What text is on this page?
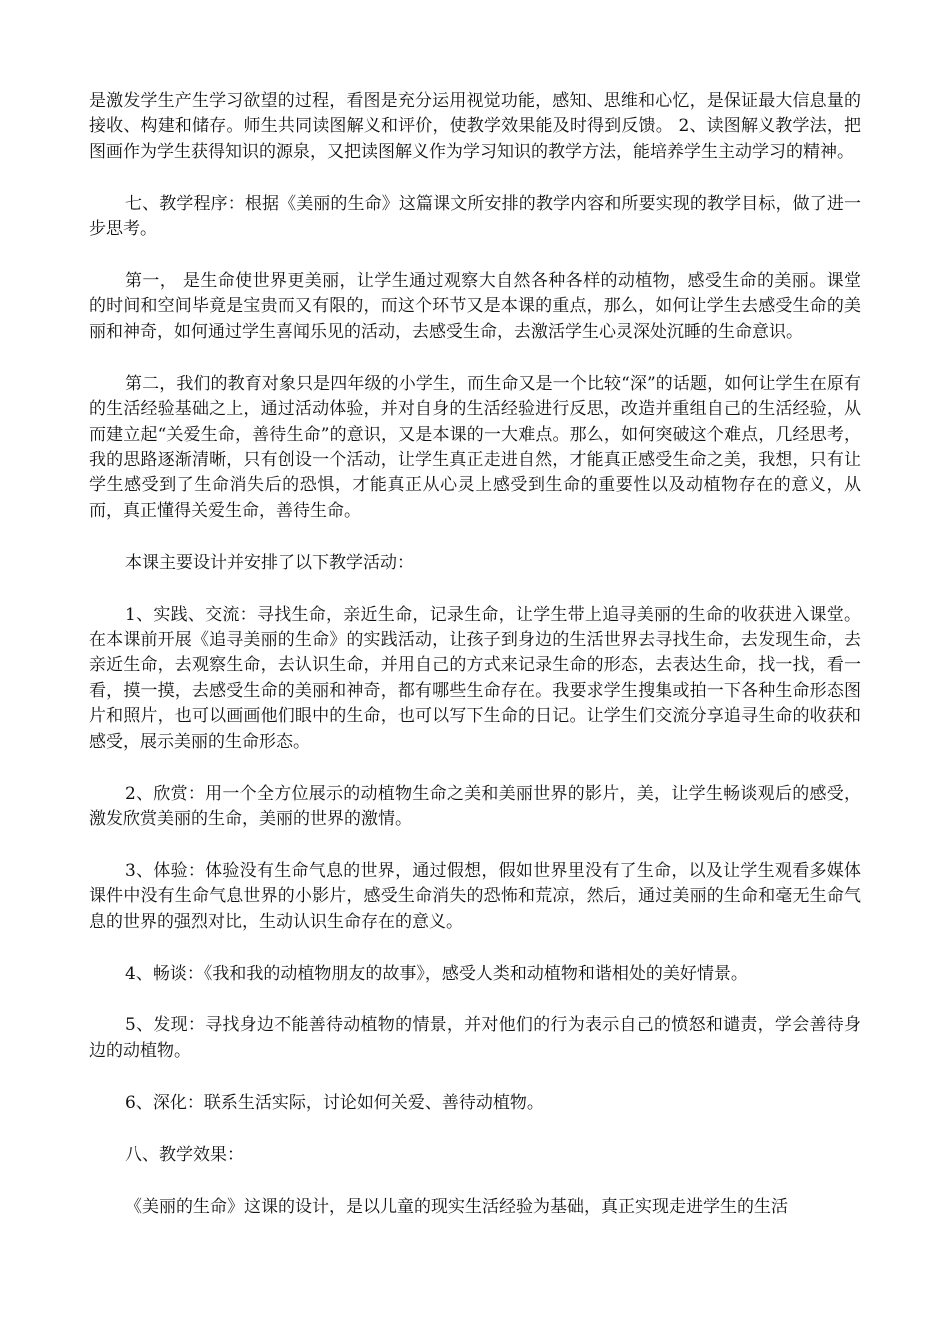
是激发学生产生学习欲望的过程，看图是充分运用视觉功能，感知、思维和心忆，是保证最大信息量的接收、构建和储存。师生共同读图解义和评价，使教学效果能及时得到反馈。 2、读图解义教学法，把图画作为学生获得知识的源泉，又把读图解义作为学习知识的教学方法，能培养学生主动学习的精神。

七、教学程序：根据《美丽的生命》这篇课文所安排的教学内容和所要实现的教学目标，做了进一步思考。

第一， 是生命使世界更美丽，让学生通过观察大自然各种各样的动植物，感受生命的美丽。课堂的时间和空间毕竟是宝贵而又有限的，而这个环节又是本课的重点，那么，如何让学生去感受生命的美丽和神奇，如何通过学生喜闻乐见的活动，去感受生命，去激活学生心灵深处沉睡的生命意识。

第二，我们的教育对象只是四年级的小学生，而生命又是一个比较“深”的话题，如何让学生在原有的生活经验基础之上，通过活动体验，并对自身的生活经验进行反思，改造并重组自己的生活经验，从而建立起“关爱生命，善待生命”的意识，又是本课的一大难点。那么，如何突破这个难点，几经思考，我的思路逐渐清晰，只有创设一个活动，让学生真正走进自然，才能真正感受生命之美，我想，只有让学生感受到了生命消失后的恐惧，才能真正从心灵上感受到生命的重要性以及动植物存在的意义，从而，真正懂得关爱生命，善待生命。

本课主要设计并安排了以下教学活动：

1、实践、交流：寻找生命，亲近生命，记录生命，让学生带上追寻美丽的生命的收获进入课堂。在本课前开展《追寻美丽的生命》的实践活动，让孩子到身边的生活世界去寻找生命，去发现生命，去亲近生命，去观察生命，去认识生命，并用自己的方式来记录生命的形态，去表达生命，找一找，看一看，摸一摸，去感受生命的美丽和神奇，都有哪些生命存在。我要求学生搜集或拍一下各种生命形态图片和照片，也可以画画他们眼中的生命，也可以写下生命的日记。让学生们交流分享追寻生命的收获和感受，展示美丽的生命形态。

2、欣赏：用一个全方位展示的动植物生命之美和美丽世界的影片，美，让学生畅谈观后的感受，激发欣赏美丽的生命，美丽的世界的激情。

3、体验：体验没有生命气息的世界，通过假想，假如世界里没有了生命，以及让学生观看多媒体课件中没有生命气息世界的小影片，感受生命消失的恐怖和荒凉，然后，通过美丽的生命和毫无生命气息的世界的强烈对比，生动认识生命存在的意义。

4、畅谈：《我和我的动植物朋友的故事》，感受人类和动植物和谐相处的美好情景。

5、发现：寻找身边不能善待动植物的情景，并对他们的行为表示自己的愤怒和谴责，学会善待身边的动植物。

6、深化：联系生活实际，讨论如何关爱、善待动植物。

八、教学效果：

《美丽的生命》这课的设计，是以儿童的现实生活经验为基础，真正实现走进学生的生活
